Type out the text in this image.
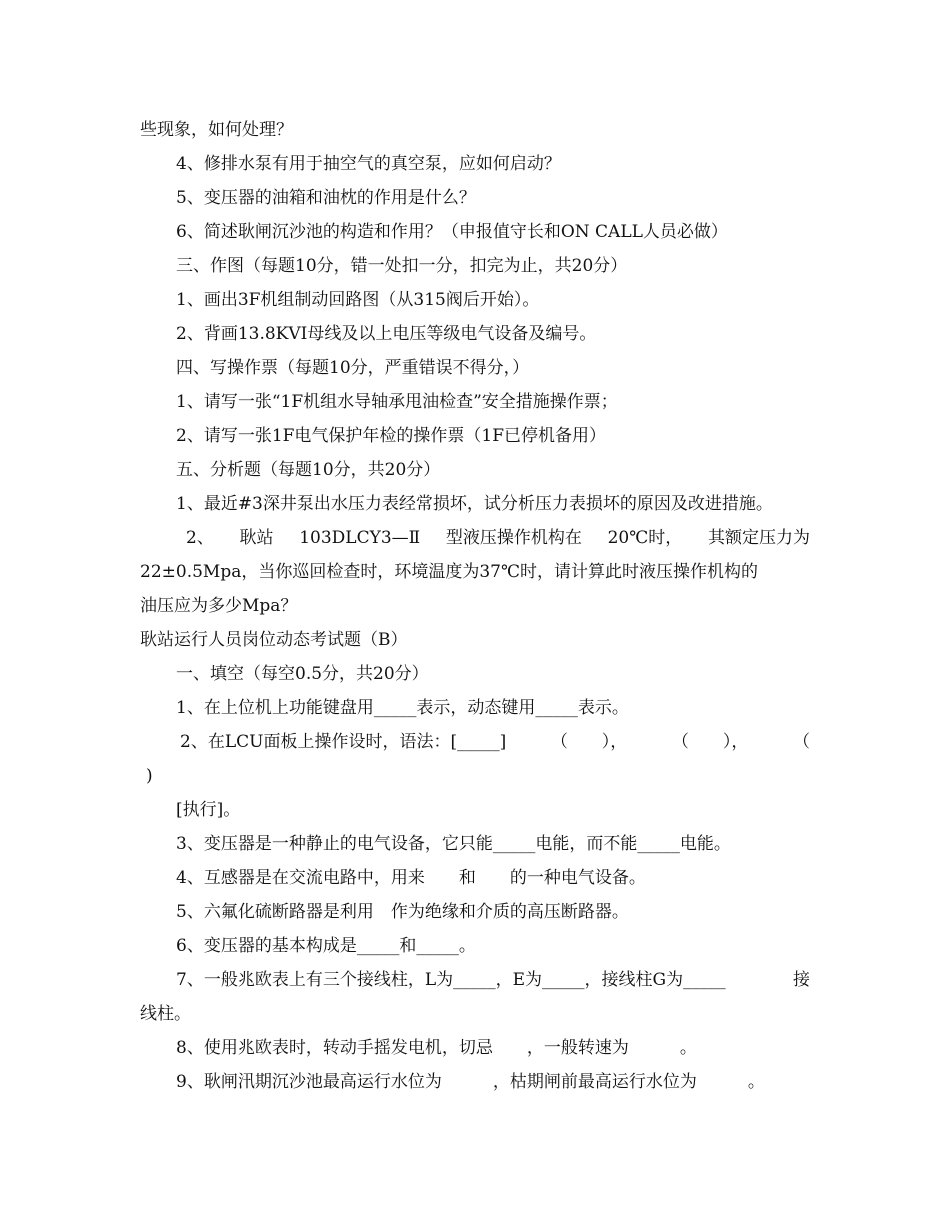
些现象，如何处理？
4、修排水泵有用于抽空气的真空泵，应如何启动？
5、变压器的油箱和油枕的作用是什么？
6、简述耿闸沉沙池的构造和作用？（申报值守长和ON CALL人员必做）
三、作图（每题10分，错一处扣一分，扣完为止，共20分）
1、画出3F机组制动回路图（从315阀后开始）。
2、背画13.8KVⅠ母线及以上电压等级电气设备及编号。
四、写操作票（每题10分，严重错误不得分，）
1、请写一张“1F机组水导轴承甩油检查”安全措施操作票；
2、请写一张1F电气保护年检的操作票（1F已停机备用）
五、分析题（每题10分，共20分）
1、最近#3深井泵出水压力表经常损坏，试分析压力表损坏的原因及改进措施。
2、 耿站 103DLCY3—Ⅱ 型液压操作机构在 20℃时， 其额定压力为
22±0.5Mpa，当你巡回检查时，环境温度为37℃时，请计算此时液压操作机构的
油压应为多少Mpa？
耿站运行人员岗位动态考试题（B）
一、填空（每空0.5分，共20分）
1、在上位机上功能键盘用_____表示，动态键用_____表示。
2、在LCU面板上操作设时，语法：[_____]	（　　），	（　　），	（
)
[执行]。
3、变压器是一种静止的电气设备，它只能_____电能，而不能_____电能。
4、互感器是在交流电路中，用来　　和　　的一种电气设备。
5、六氟化硫断路器是利用　作为绝缘和介质的高压断路器。
6、变压器的基本构成是_____和_____。
7、一般兆欧表上有三个接线柱，L为_____，E为_____，接线柱G为_____	接
线柱。
8、使用兆欧表时，转动手摇发电机，切忌　　，一般转速为　　　。
9、耿闸汛期沉沙池最高运行水位为　　　，枯期闸前最高运行水位为　　　。
